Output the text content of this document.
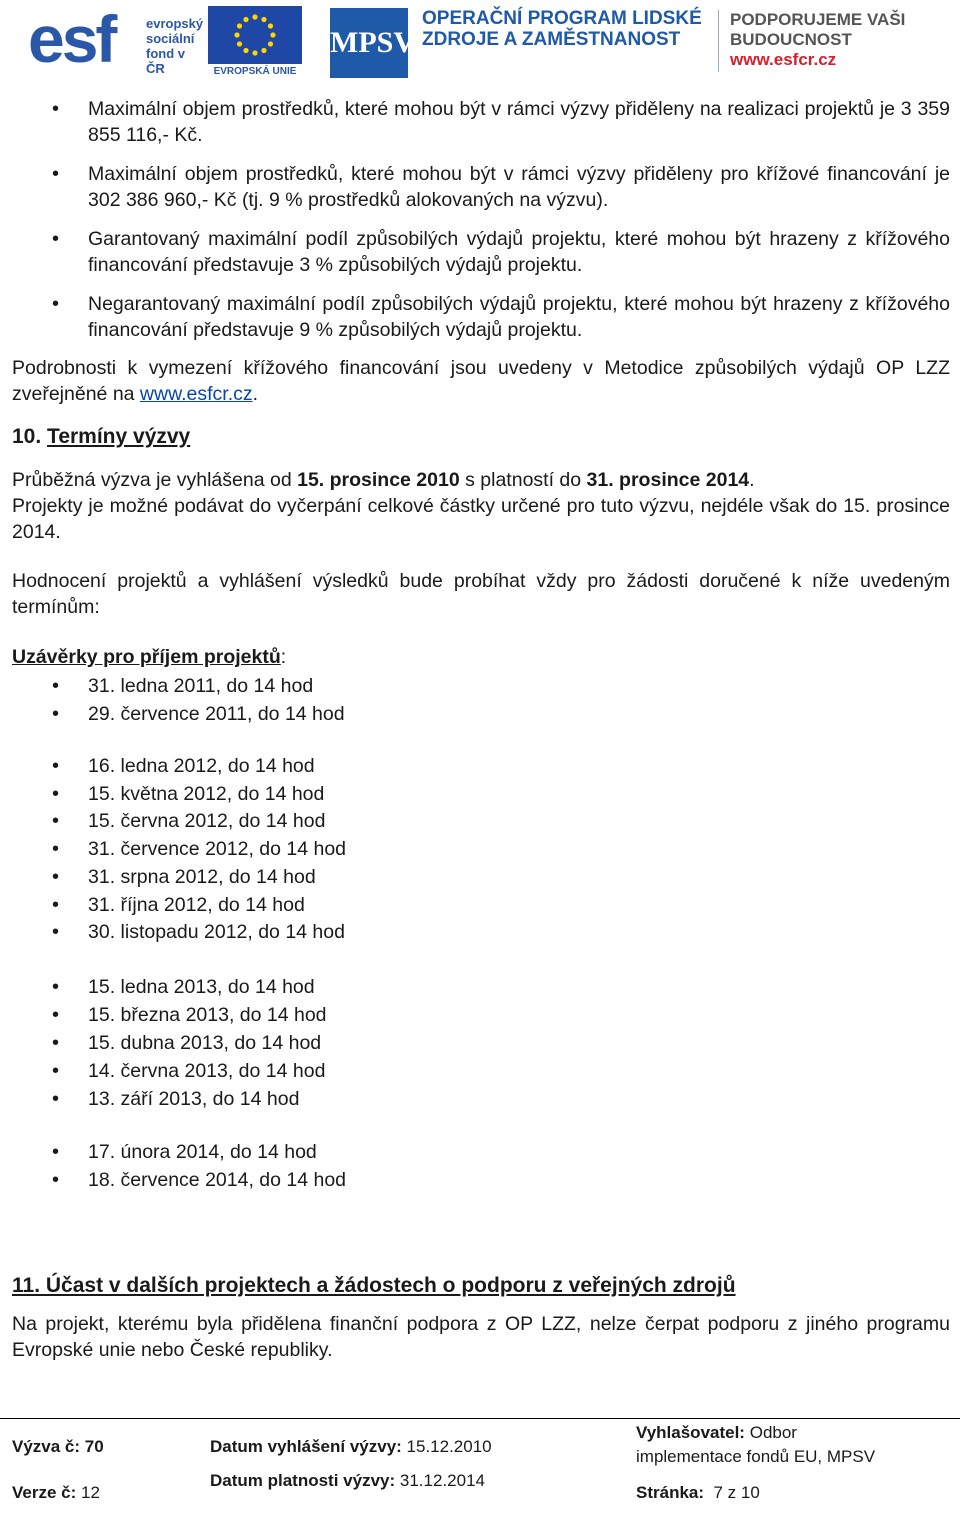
esf evropský sociální fond v ČR	EVROPSKÁ UNIE
MPSV
OPERAČNÍ PROGRAM LIDSKÉ ZDROJE A ZAMĚSTNANOST
PODPORUJEME VAŠI BUDOUCNOST
www.esfcr.cz
• Maximální objem prostředků, které mohou být v rámci výzvy přiděleny na realizaci projektů je 3 359 855 116,- Kč.
• Maximální objem prostředků, které mohou být v rámci výzvy přiděleny pro křížové financování je 302 386 960,- Kč (tj. 9 % prostředků alokovaných na výzvu).
• Garantovaný maximální podíl způsobilých výdajů projektu, které mohou být hrazeny z křížového financování představuje 3 % způsobilých výdajů projektu.
• Negarantovaný maximální podíl způsobilých výdajů projektu, které mohou být hrazeny z křížového financování představuje 9 % způsobilých výdajů projektu.

Podrobnosti k vymezení křížového financování jsou uvedeny v Metodice způsobilých výdajů OP LZZ zveřejněné na www.esfcr.cz.

10. Termíny výzvy

Průběžná výzva je vyhlášena od 15. prosince 2010 s platností do 31. prosince 2014.

Projekty je možné podávat do vyčerpání celkové částky určené pro tuto výzvu, nejdéle však do 15. prosince 2014.

Hodnocení projektů a vyhlášení výsledků bude probíhat vždy pro žádosti doručené k níže uvedeným termínům:

Uzávěrky pro příjem projektů:

• 31. ledna 2011, do 14 hod
• 29. července 2011, do 14 hod
• 16. ledna 2012, do 14 hod
• 15. května 2012, do 14 hod
• 15. června 2012, do 14 hod
• 31. července 2012, do 14 hod
• 31. srpna 2012, do 14 hod
• 31. října 2012, do 14 hod
• 30. listopadu 2012, do 14 hod
• 15. ledna 2013, do 14 hod
• 15. března 2013, do 14 hod
• 15. dubna 2013, do 14 hod
• 14. června 2013, do 14 hod
• 13. září 2013, do 14 hod
• 17. února 2014, do 14 hod
• 18. července 2014, do 14 hod

11. Účast v dalších projektech a žádostech o podporu z veřejných zdrojů

Na projekt, kterému byla přidělena finanční podpora z OP LZZ, nelze čerpat podporu z jiného programu Evropské unie nebo České republiky.

Výzva č: 70
Verze č: 12
Datum vyhlášení výzvy: 15.12.2010
Datum platnosti výzvy: 31.12.2014
Vyhlašovatel: Odbor
implementace fondů EU, MPSV
Stránka: 7 z 10
